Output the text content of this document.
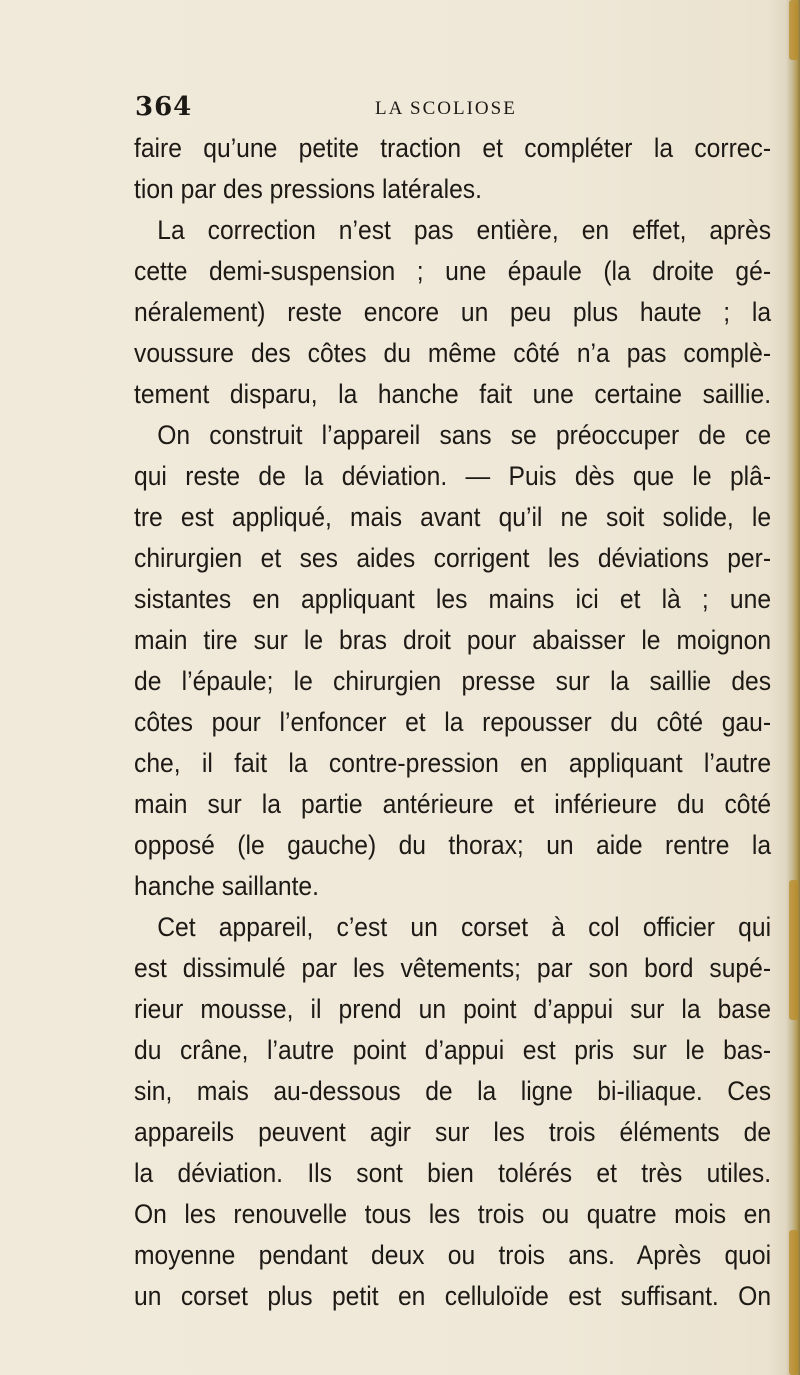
364	LA SCOLIOSE
faire qu’une petite traction et compléter la correc-
tion par des pressions latérales.
La correction n’est pas entière, en effet, après
cette demi-suspension ; une épaule (la droite gé-
néralement) reste encore un peu plus haute ; la
voussure des côtes du même côté n’a pas complè-
tement disparu, la hanche fait une certaine saillie.
On construit l’appareil sans se préoccuper de ce
qui reste de la déviation. — Puis dès que le plâ-
tre est appliqué, mais avant qu’il ne soit solide, le
chirurgien et ses aides corrigent les déviations per-
sistantes en appliquant les mains ici et là ; une
main tire sur le bras droit pour abaisser le moignon
de l’épaule; le chirurgien presse sur la saillie des
côtes pour l’enfoncer et la repousser du côté gau-
che, il fait la contre-pression en appliquant l’autre
main sur la partie antérieure et inférieure du côté
opposé (le gauche) du thorax; un aide rentre la
hanche saillante.
Cet appareil, c’est un corset à col officier qui
est dissimulé par les vêtements; par son bord supé-
rieur mousse, il prend un point d’appui sur la base
du crâne, l’autre point d’appui est pris sur le bas-
sin, mais au-dessous de la ligne bi-iliaque. Ces
appareils peuvent agir sur les trois éléments de
la déviation. Ils sont bien tolérés et très utiles.
On les renouvelle tous les trois ou quatre mois en
moyenne pendant deux ou trois ans. Après quoi
un corset plus petit en celluloïde est suffisant. On
